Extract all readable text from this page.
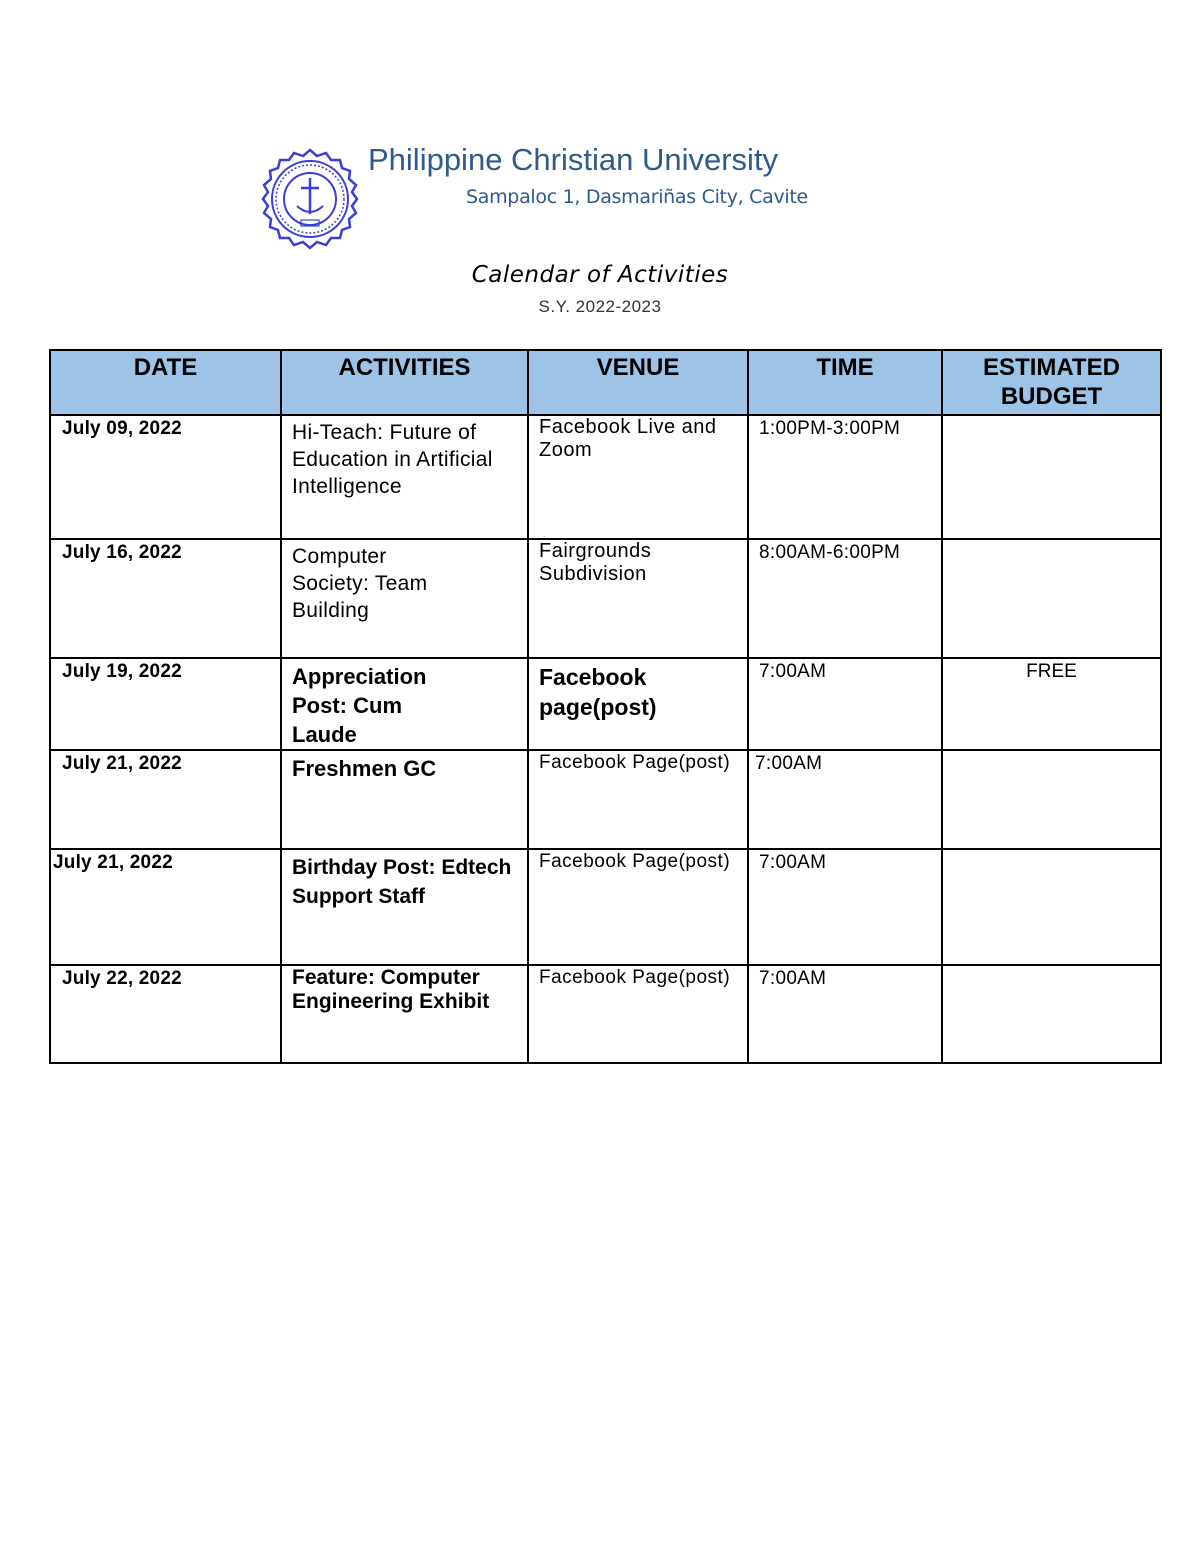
Philippine Christian University
Sampaloc 1, Dasmariñas City, Cavite
Calendar of Activities
S.Y. 2022-2023
DATE	ACTIVITIES	VENUE	TIME	ESTIMATED BUDGET
July 09, 2022	Hi-Teach: Future of Education in Artificial Intelligence	Facebook Live and Zoom	1:00PM-3:00PM	
July 16, 2022	Computer Society: Team Building	Fairgrounds Subdivision	8:00AM-6:00PM	
July 19, 2022	Appreciation Post: Cum Laude	Facebook page(post)	7:00AM	FREE
July 21, 2022	Freshmen GC	Facebook Page(post)	7:00AM	
July 21, 2022	Birthday Post: Edtech Support Staff	Facebook Page(post)	7:00AM	
July 22, 2022	Feature: Computer Engineering Exhibit	Facebook Page(post)	7:00AM	
